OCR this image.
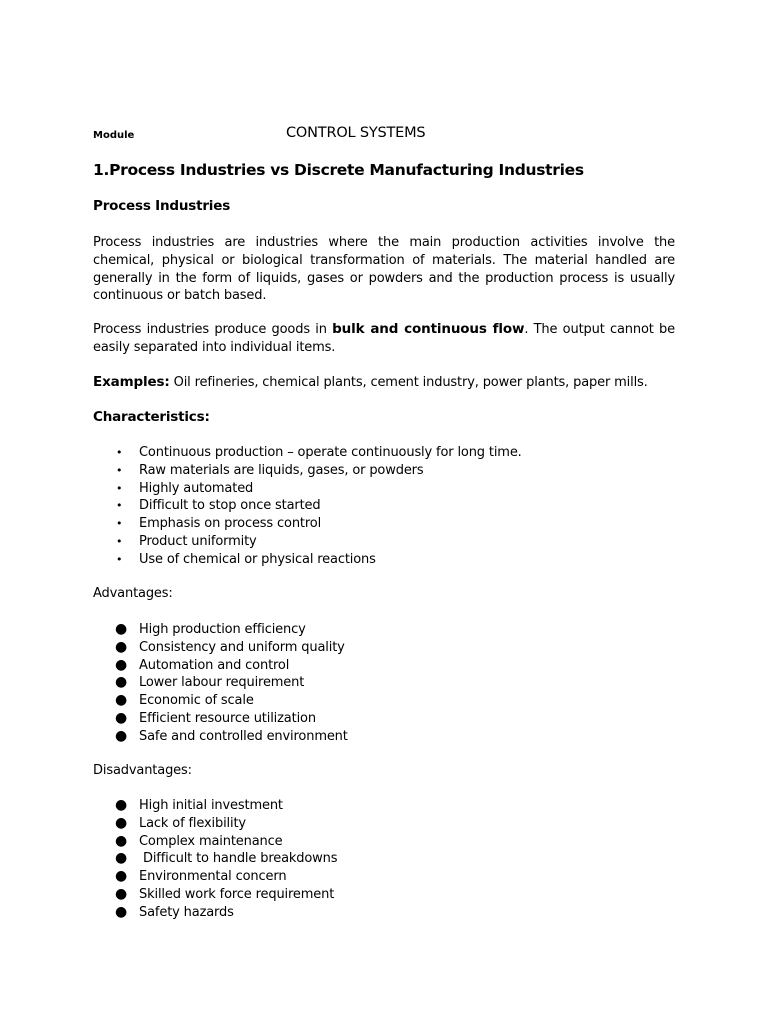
Module	CONTROL SYSTEMS
1.Process Industries vs Discrete Manufacturing Industries
Process Industries
Process industries are industries where the main production activities involve the chemical, physical or biological transformation of materials. The material handled are generally in the form of liquids, gases or powders and the production process is usually continuous or batch based.
Process industries produce goods in bulk and continuous flow. The output cannot be easily separated into individual items.
Examples: Oil refineries, chemical plants, cement industry, power plants, paper mills.
Characteristics:
• Continuous production – operate continuously for long time.
• Raw materials are liquids, gases, or powders
• Highly automated
• Difficult to stop once started
• Emphasis on process control
• Product uniformity
• Use of chemical or physical reactions
Advantages:
● High production efficiency
● Consistency and uniform quality
● Automation and control
● Lower labour requirement
● Economic of scale
● Efficient resource utilization
● Safe and controlled environment
Disadvantages:
● High initial investment
● Lack of flexibility
● Complex maintenance
● Difficult to handle breakdowns
● Environmental concern
● Skilled work force requirement
● Safety hazards
